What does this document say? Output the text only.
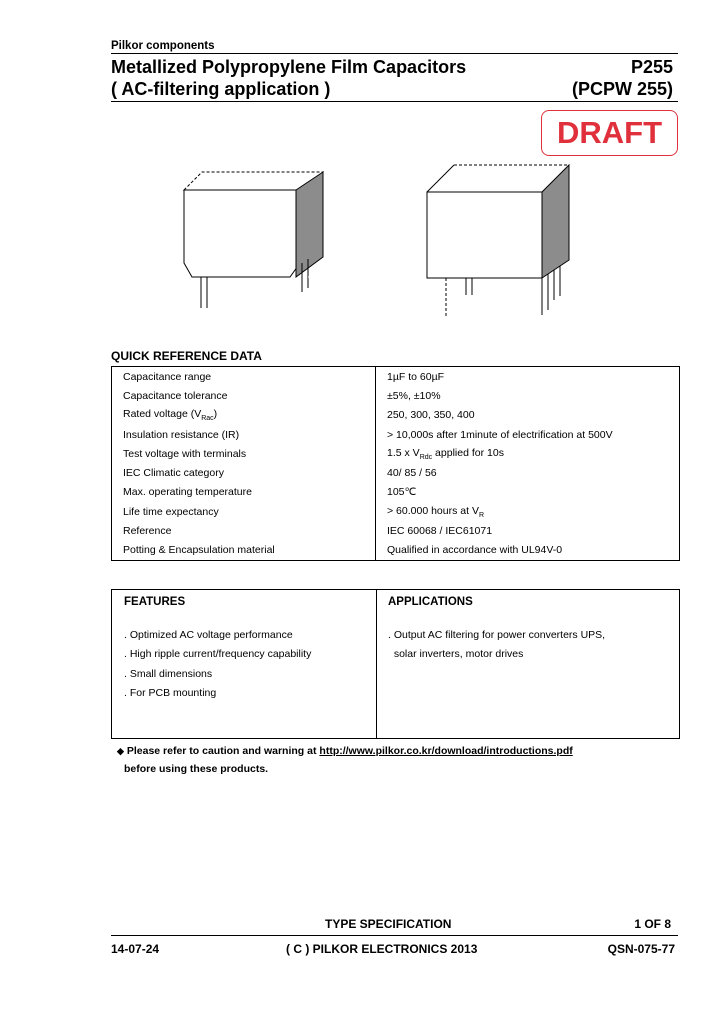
Pilkor components
Metallized Polypropylene Film Capacitors
( AC-filtering application )
P255
(PCPW 255)
DRAFT
QUICK REFERENCE DATA
Capacitance range	1µF to 60µF
Capacitance tolerance	±5%, ±10%
Rated voltage $(V_{Rac})$	250, 300, 350, 400
Insulation resistance (IR)	> 10,000s after 1minute of electrification at 500V
Test voltage with terminals	1.5 x $V_{Rdc}$ applied for 10s
IEC Climatic category	40/ 85 / 56
Max. operating temperature	105℃
Life time expectancy	> 60.000 hours at $V_R$
Reference	IEC 60068 / IEC61071
Potting & Encapsulation material	Qualified in accordance with UL94V-0
FEATURES
. Optimized AC voltage performance
. High ripple current/frequency capability
. Small dimensions
. For PCB mounting
APPLICATIONS
. Output AC filtering for power converters UPS,
solar inverters, motor drives
◆ Please refer to caution and warning at http://www.pilkor.co.kr/download/introductions.pdf
before using these products.
TYPE SPECIFICATION	1 OF 8
14-07-24	( C ) PILKOR ELECTRONICS 2013	QSN-075-77
